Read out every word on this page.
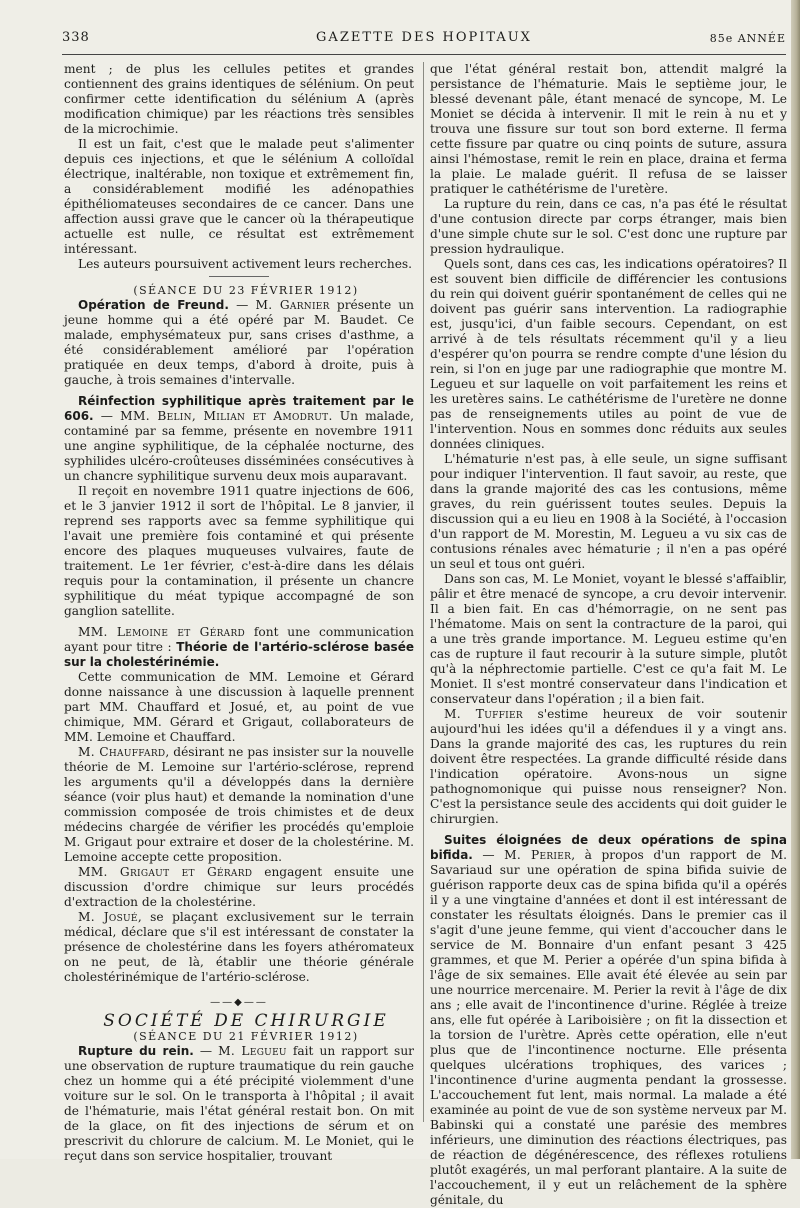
338	GAZETTE DES HOPITAUX	85e ANNÉE

ment ; de plus les cellules petites et grandes contiennent des grains identiques de sélénium. On peut confirmer cette identification du sélénium A (après modification chimique) par les réactions très sensibles de la microchimie.

Il est un fait, c'est que le malade peut s'alimenter depuis ces injections, et que le sélénium A colloïdal électrique, inaltérable, non toxique et extrêmement fin, a considérablement modifié les adénopathies épithéliomateuses secondaires de ce cancer. Dans une affection aussi grave que le cancer où la thérapeutique actuelle est nulle, ce résultat est extrêmement intéressant.

Les auteurs poursuivent activement leurs recherches.

(SÉANCE DU 23 FÉVRIER 1912)

Opération de Freund. — M. Garnier présente un jeune homme qui a été opéré par M. Baudet. Ce malade, emphysémateux pur, sans crises d'asthme, a été considérablement amélioré par l'opération pratiquée en deux temps, d'abord à droite, puis à gauche, à trois semaines d'intervalle.

Réinfection syphilitique après traitement par le 606. — MM. Belin, Milian et Amodrut. Un malade, contaminé par sa femme, présente en novembre 1911 une angine syphilitique, de la céphalée nocturne, des syphilides ulcéro-croûteuses disséminées consécutives à un chancre syphilitique survenu deux mois auparavant.

Il reçoit en novembre 1911 quatre injections de 606, et le 3 janvier 1912 il sort de l'hôpital. Le 8 janvier, il reprend ses rapports avec sa femme syphilitique qui l'avait une première fois contaminé et qui présente encore des plaques muqueuses vulvaires, faute de traitement. Le 1er février, c'est-à-dire dans les délais requis pour la contamination, il présente un chancre syphilitique du méat typique accompagné de son ganglion satellite.

MM. Lemoine et Gérard font une communication ayant pour titre : Théorie de l'artério-sclérose basée sur la cholestérinémie.

Cette communication de MM. Lemoine et Gérard donne naissance à une discussion à laquelle prennent part MM. Chauffard et Josué, et, au point de vue chimique, MM. Gérard et Grigaut, collaborateurs de MM. Lemoine et Chauffard.

M. Chauffard, désirant ne pas insister sur la nouvelle théorie de M. Lemoine sur l'artério-sclérose, reprend les arguments qu'il a développés dans la dernière séance (voir plus haut) et demande la nomination d'une commission composée de trois chimistes et de deux médecins chargée de vérifier les procédés qu'emploie M. Grigaut pour extraire et doser de la cholestérine. M. Lemoine accepte cette proposition.

MM. Grigaut et Gérard engagent ensuite une discussion d'ordre chimique sur leurs procédés d'extraction de la cholestérine.

M. Josué, se plaçant exclusivement sur le terrain médical, déclare que s'il est intéressant de constater la présence de cholestérine dans les foyers athéromateux on ne peut, de là, établir une théorie générale cholestérinémique de l'artério-sclérose.

——◆——

SOCIÉTÉ DE CHIRURGIE

(SÉANCE DU 21 FÉVRIER 1912)

Rupture du rein. — M. Legueu fait un rapport sur une observation de rupture traumatique du rein gauche chez un homme qui a été précipité violemment d'une voiture sur le sol. On le transporta à l'hôpital ; il avait de l'hématurie, mais l'état général restait bon. On mit de la glace, on fit des injections de sérum et on prescrivit du chlorure de calcium. M. Le Moniet, qui le reçut dans son service hospitalier, trouvant

que l'état général restait bon, attendit malgré la persistance de l'hématurie. Mais le septième jour, le blessé devenant pâle, étant menacé de syncope, M. Le Moniet se décida à intervenir. Il mit le rein à nu et y trouva une fissure sur tout son bord externe. Il ferma cette fissure par quatre ou cinq points de suture, assura ainsi l'hémostase, remit le rein en place, draina et ferma la plaie. Le malade guérit. Il refusa de se laisser pratiquer le cathétérisme de l'uretère.

La rupture du rein, dans ce cas, n'a pas été le résultat d'une contusion directe par corps étranger, mais bien d'une simple chute sur le sol. C'est donc une rupture par pression hydraulique.

Quels sont, dans ces cas, les indications opératoires? Il est souvent bien difficile de différencier les contusions du rein qui doivent guérir spontanément de celles qui ne doivent pas guérir sans intervention. La radiographie est, jusqu'ici, d'un faible secours. Cependant, on est arrivé à de tels résultats récemment qu'il y a lieu d'espérer qu'on pourra se rendre compte d'une lésion du rein, si l'on en juge par une radiographie que montre M. Legueu et sur laquelle on voit parfaitement les reins et les uretères sains. Le cathétérisme de l'uretère ne donne pas de renseignements utiles au point de vue de l'intervention. Nous en sommes donc réduits aux seules données cliniques.

L'hématurie n'est pas, à elle seule, un signe suffisant pour indiquer l'intervention. Il faut savoir, au reste, que dans la grande majorité des cas les contusions, même graves, du rein guérissent toutes seules. Depuis la discussion qui a eu lieu en 1908 à la Société, à l'occasion d'un rapport de M. Morestin, M. Legueu a vu six cas de contusions rénales avec hématurie ; il n'en a pas opéré un seul et tous ont guéri.

Dans son cas, M. Le Moniet, voyant le blessé s'affaiblir, pâlir et être menacé de syncope, a cru devoir intervenir. Il a bien fait. En cas d'hémorragie, on ne sent pas l'hématome. Mais on sent la contracture de la paroi, qui a une très grande importance. M. Legueu estime qu'en cas de rupture il faut recourir à la suture simple, plutôt qu'à la néphrectomie partielle. C'est ce qu'a fait M. Le Moniet. Il s'est montré conservateur dans l'indication et conservateur dans l'opération ; il a bien fait.

M. Tuffier s'estime heureux de voir soutenir aujourd'hui les idées qu'il a défendues il y a vingt ans. Dans la grande majorité des cas, les ruptures du rein doivent être respectées. La grande difficulté réside dans l'indication opératoire. Avons-nous un signe pathognomonique qui puisse nous renseigner? Non. C'est la persistance seule des accidents qui doit guider le chirurgien.

Suites éloignées de deux opérations de spina bifida. — M. Perier, à propos d'un rapport de M. Savariaud sur une opération de spina bifida suivie de guérison rapporte deux cas de spina bifida qu'il a opérés il y a une vingtaine d'années et dont il est intéressant de constater les résultats éloignés. Dans le premier cas il s'agit d'une jeune femme, qui vient d'accoucher dans le service de M. Bonnaire d'un enfant pesant 3 425 grammes, et que M. Perier a opérée d'un spina bifida à l'âge de six semaines. Elle avait été élevée au sein par une nourrice mercenaire. M. Perier la revit à l'âge de dix ans ; elle avait de l'incontinence d'urine. Réglée à treize ans, elle fut opérée à Lariboisière ; on fit la dissection et la torsion de l'urètre. Après cette opération, elle n'eut plus que de l'incontinence nocturne. Elle présenta quelques ulcérations trophiques, des varices ; l'incontinence d'urine augmenta pendant la grossesse. L'accouchement fut lent, mais normal. La malade a été examinée au point de vue de son système nerveux par M. Babinski qui a constaté une parésie des membres inférieurs, une diminution des réactions électriques, pas de réaction de dégénérescence, des réflexes rotuliens plutôt exagérés, un mal perforant plantaire. A la suite de l'accouchement, il y eut un relâchement de la sphère génitale, du
